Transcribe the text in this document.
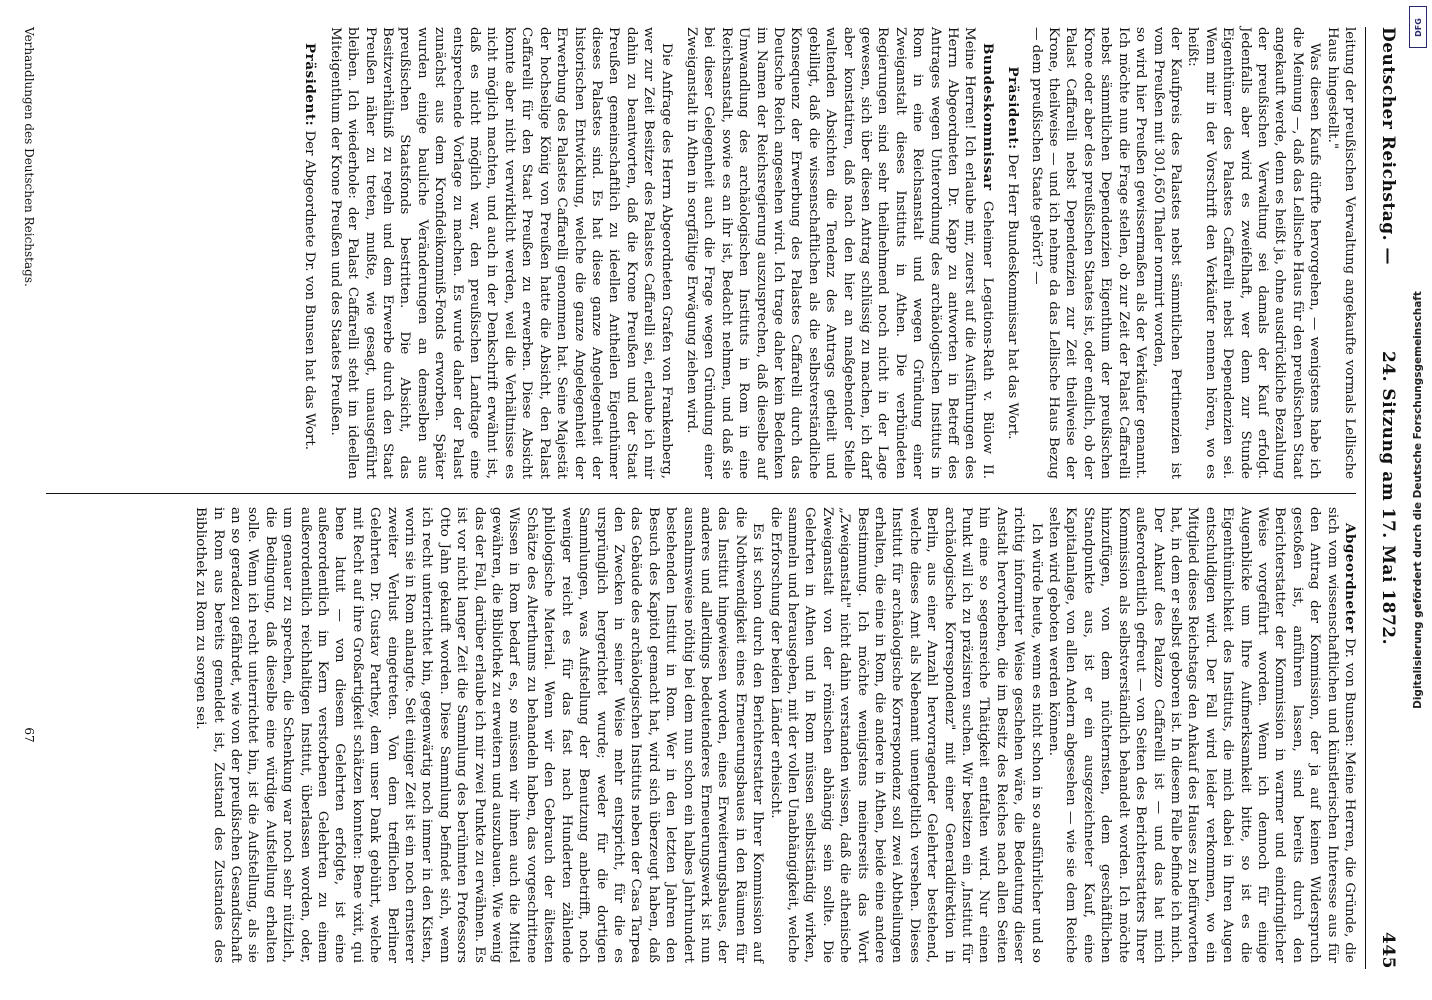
Deutscher Reichstag. —
24. Sitzung am 17. Mai 1872.
445

leitung der preußischen Verwaltung angekaufte vormals Lellische Haus hingestellt."

Was diesen Kaufs dürfte hervorgehen, — wenigstens habe ich die Meinung —, daß das Lellische Haus für den preußischen Staat angekauft werde, denn es heißt ja, ohne ausdrückliche Bezahlung der preußischen Verwaltung sei damals der Kauf erfolgt. Jedenfalls aber wird es zweifelhaft, wer denn zur Stunde Eigenthümer des Palastes Caffarelli nebst Dependenzien sei. Wenn mir in der Vorschrift den Verkäufer nennen hören, wo es heißt:

der Kaufpreis des Palastes nebst sämmtlichen Pertinenzien ist vom Preußen mit 301,650 Thaler normirt worden,

so wird hier Preußen gewissermaßen als der Verkäufer genannt. Ich möchte nun die Frage stellen, ob zur Zeit der Palast Caffarelli nebst sämmtlichen Dependenzien Eigenthum der preußischen Krone oder aber des preußischen Staates ist, oder endlich, ob der Palast Caffarelli nebst Dependenzien zur Zeit theilweise der Krone, theilweise — und ich nehme da das Lellische Haus Bezug — dem preußischen Staate gehört? —

Präsident: Der Herr Bundeskommissar hat das Wort.

Bundeskommissar Geheimer Legations-Rath v. Bülow II. Meine Herren! Ich erlaube mir, zuerst auf die Ausführungen des Herrn Abgeordneten Dr. Kapp zu antworten in Betreff des Antrages wegen Unterordnung des archäologischen Instituts in Rom in eine Reichsanstalt und wegen Gründung einer Zweiganstalt dieses Instituts in Athen. Die verbündeten Regierungen sind sehr theilnehmend noch nicht in der Lage gewesen, sich über diesen Antrag schlüssig zu machen, ich darf aber konstatiren, daß nach den hier an maßgebender Stelle waltenden Absichten die Tendenz des Antrags getheilt und gebilligt, daß die wissenschaftlichen als die selbstverständliche Konsequenz der Erwerbung des Palastes Caffarelli durch das Deutsche Reich angesehen wird. Ich trage daher kein Bedenken im Namen der Reichsregierung auszusprechen, daß dieselbe auf Umwandlung des archäologischen Instituts in Rom in eine Reichsanstalt, sowie es an ihr ist, Bedacht nehmen, und daß sie bei dieser Gelegenheit auch die Frage wegen Gründung einer Zweiganstalt in Athen in sorgfältige Erwägung ziehen wird.

Die Anfrage des Herrn Abgeordneten Grafen von Frankenberg, wer zur Zeit Besitzer des Palastes Caffarelli sei, erlaube ich mir dahin zu beantworten, daß die Krone Preußen und der Staat Preußen gemeinschaftlich zu ideellen Antheilen Eigenthümer dieses Palastes sind. Es hat diese ganze Angelegenheit der historischen Entwicklung, welche die ganze Angelegenheit der Erwerbung des Palastes Caffarelli genommen hat. Seine Majestät der hochselige König von Preußen hatte die Absicht, den Palast Caffarelli für den Staat Preußen zu erwerben. Diese Absicht konnte aber nicht verwirklicht werden, weil die Verhältnisse es nicht möglich machten, und auch in der Denkschrift erwähnt ist, daß es nicht möglich war, den preußischen Landtage eine entsprechende Vorlage zu machen. Es wurde daher der Palast zunächst aus dem Kronfideikommiß-Fonds erworben. Später wurden einige bauliche Veränderungen an demselben aus preußischen Staatsfonds bestritten. Die Absicht, das Besitzverhältniß zu regeln und dem Erwerbe durch den Staat Preußen näher zu treten, mußte, wie gesagt, unausgeführt bleiben. Ich wiederhole: der Palast Caffarelli steht im ideellen Miteigenthum der Krone Preußen und des Staates Preußen.

Präsident: Der Abgeordnete Dr. von Bunsen hat das Wort.

Abgeordneter Dr. von Bunsen: Meine Herren, die Gründe, die sich vom wissenschaftlichen und künstlerischen Interesse aus für den Antrag der Kommission, der ja auf keinen Widerspruch gestoßen ist, anführen lassen, sind bereits durch den Berichterstatter der Kommission in warmer und eindringlicher Weise vorgeführt worden. Wenn ich dennoch für einige Augenblicke um Ihre Aufmerksamkeit bitte, so ist es die Eigenthümlichkeit des Instituts, die mich dabei in Ihren Augen entschuldigen wird. Der Fall wird leider verkommen, wo ein Mitglied dieses Reichstags den Ankauf des Hauses zu befürworten hat, in dem er selbst geboren ist. In diesem Falle befinde ich mich. Der Ankauf des Palazzo Caffarelli ist — und das hat mich außerordentlich gefreut — von Seiten des Berichterstatters Ihrer Kommission als selbstverständlich behandelt worden. Ich möchte hinzufügen, von dem nüchternsten, dem geschäftlichen Standpunkte aus, ist er ein ausgezeichneter Kauf, eine Kapitalanlage, von allen Andern abgesehen — wie sie dem Reiche selten wird geboten werden können.

Ich würde heute, wenn es nicht schon in so ausführlicher und so richtig informirter Weise geschehen wäre, die Bedeutung dieser Anstalt hervorheben, die im Besitz des Reiches nach allen Seiten hin eine so segensreiche Thätigkeit entfalten wird. Nur einen Punkt will ich zu präzisiren suchen. Wir besitzen ein „Institut für archäologische Korrespondenz" mit einer Generaldirektion in Berlin, aus einer Anzahl hervorragender Gelehrter bestehend, welche dieses Amt als Nebenamt unentgeltlich versehen. Dieses Institut für archäologische Korrespondenz soll zwei Abtheilungen erhalten, die eine in Rom, die andere in Athen, beide eine andere Bestimmung. Ich möchte wenigstens meinerseits das Wort „Zweiganstalt" nicht dahin verstanden wissen, daß die athenische Zweiganstalt von der römischen abhängig sein sollte. Die Gelehrten in Athen und in Rom müssen selbstständig wirken, sammeln und herausgeben, mit der vollen Unabhängigkeit, welche die Erforschung der beiden Länder erheischt.

Es ist schon durch den Berichterstatter Ihrer Kommission auf die Nothwendigkeit eines Erneuerungsbaues in den Räumen für das Institut hingewiesen worden, eines Erweiterungsbaues, der anderes und allerdings bedeutenderes Erneuerungswerk ist nun ausnahmsweise nöthig bei dem nun schon ein halbes Jahrhundert bestehenden Institut in Rom. Wer in den letzten Jahren den Besuch des Kapitol gemacht hat, wird sich überzeugt haben, daß das Gebäude des archäologischen Instituts neben der Casa Tarpea den Zwecken in seiner Weise mehr entspricht, für die es ursprünglich hergerichtet wurde; weder für die dortigen Sammlungen, was Aufstellung der Benutzung anbetrifft, noch weniger reicht es für das fast nach Hunderten zählende philologische Material. Wenn wir den Gebrauch der ältesten Schätze des Alterthums zu behandeln haben, das vorgeschrittene Wissen in Rom bedarf es, so müssen wir ihnen auch die Mittel gewähren, die Bibliothek zu erweitern und auszubauen. Wie wenig das der Fall, darüber erlaube ich mir zwei Punkte zu erwähnen. Es ist vor nicht langer Zeit die Sammlung des berühmten Professors Otto Jahn gekauft worden. Diese Sammlung befindet sich, wenn ich recht unterrichtet bin, gegenwärtig noch immer in den Kisten, worin sie in Rom anlangte. Seit einiger Zeit ist ein noch ernsterer zweiter Verlust eingetreten. Von dem trefflichen Berliner Gelehrten Dr. Gustav Parthey, dem unser Dank gebührt, welche mit Recht auf ihre Großartigkeit schätzen konnten: Bene vixit, qui bene latuit — von diesem Gelehrten erfolgte, ist eine außerordentlich im Kern verstorbenen Gelehrten zu einem außerordentlich reichhaltigen Institut, überlassen worden, oder, um genauer zu sprechen, die Schenkung war noch sehr nützlich, die Bedingung, daß dieselbe eine würdige Aufstellung erhalten solle. Wenn ich recht unterrichtet bin, ist die Aufstellung, als sie an so geradezu gefährdet, wie von der preußischen Gesandtschaft in Rom aus bereits gemeldet ist, Zustand des Zustandes des Bibliothek zu Rom zu sorgen sei.

Verhandlungen des Deutschen Reichstags.
67
DFG
Digitalisierung gefördert durch die Deutsche Forschungsgemeinschaft
